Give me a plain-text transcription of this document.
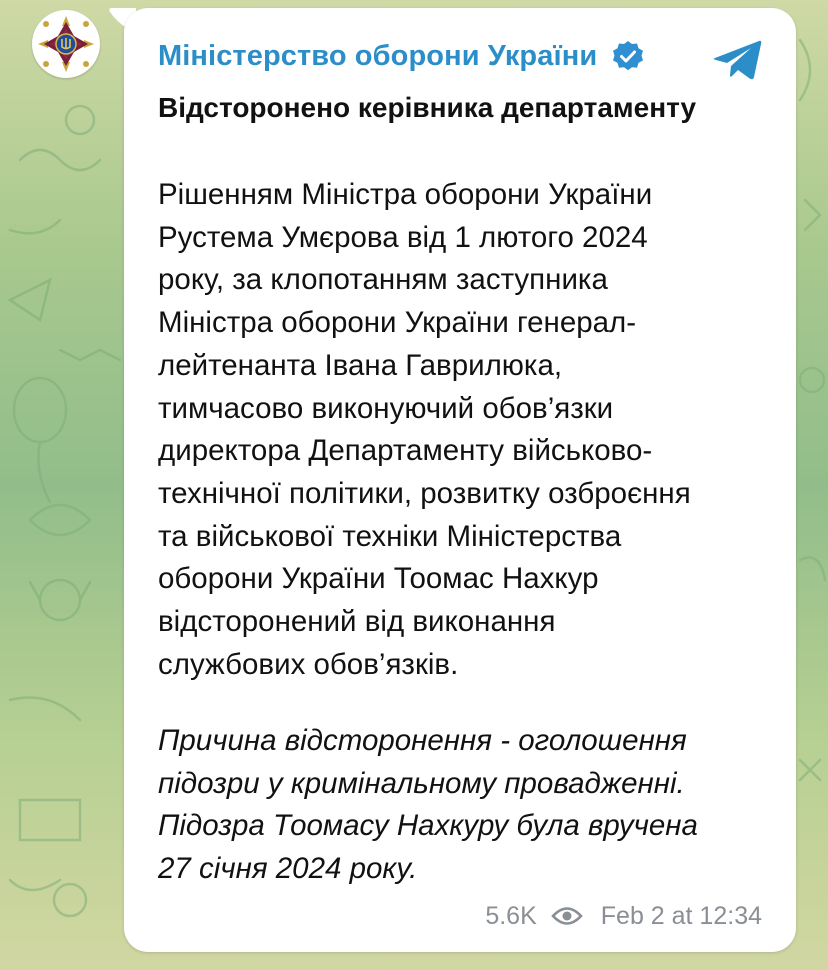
Міністерство оборони України
Відсторонено керівника департаменту
Рішенням Міністра оборони України
Рустема Умєрова від 1 лютого 2024
року, за клопотанням заступника
Міністра оборони України генерал-
лейтенанта Івана Гаврилюка,
тимчасово виконуючий обов’язки
директора Департаменту військово-
технічної політики, розвитку озброєння
та військової техніки Міністерства
оборони України Тоомас Нахкур
відсторонений від виконання
службових обов’язків.
Причина відсторонення - оголошення
підозри у кримінальному провадженні.
Підозра Тоомасу Нахкуру була вручена
27 січня 2024 року.
5.6K	Feb 2 at 12:34
